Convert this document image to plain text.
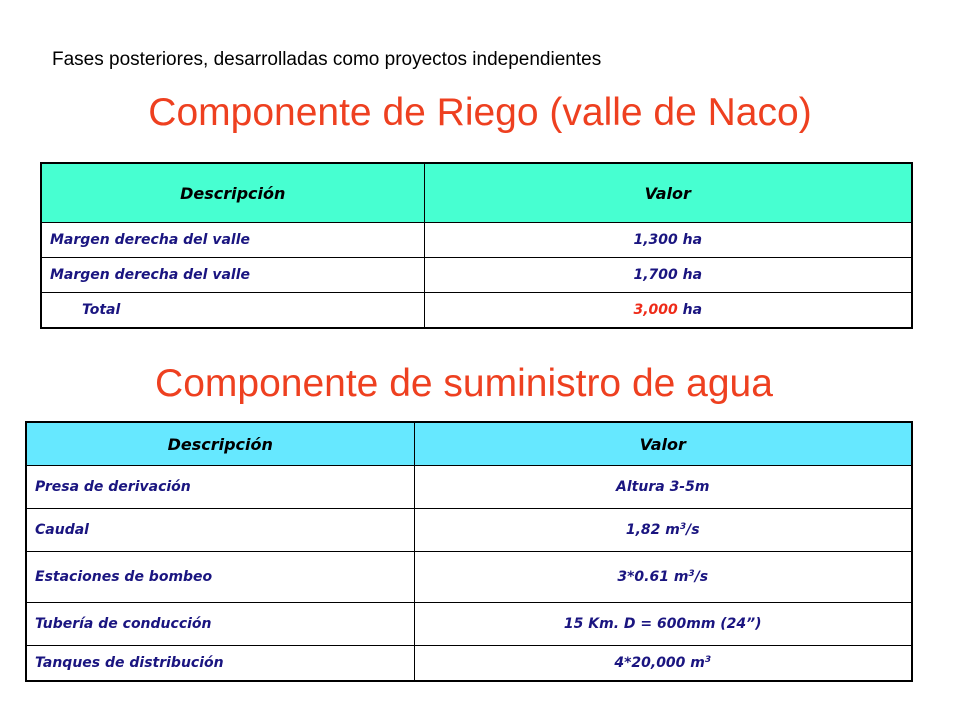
Fases posteriores, desarrolladas como proyectos independientes
Componente de Riego (valle de Naco)
Descripción	Valor
Margen derecha del valle	1,300 ha
Margen derecha del valle	1,700 ha
Total	3,000 ha
Componente de suministro de agua
Descripción	Valor
Presa de derivación	Altura 3-5m
Caudal	1,82 $m^3/s$
Estaciones de bombeo	3*0.61 $m^3/s$
Tubería de conducción	15 Km. D = 600mm (24”)
Tanques de distribución	4*20,000 $m^3$
